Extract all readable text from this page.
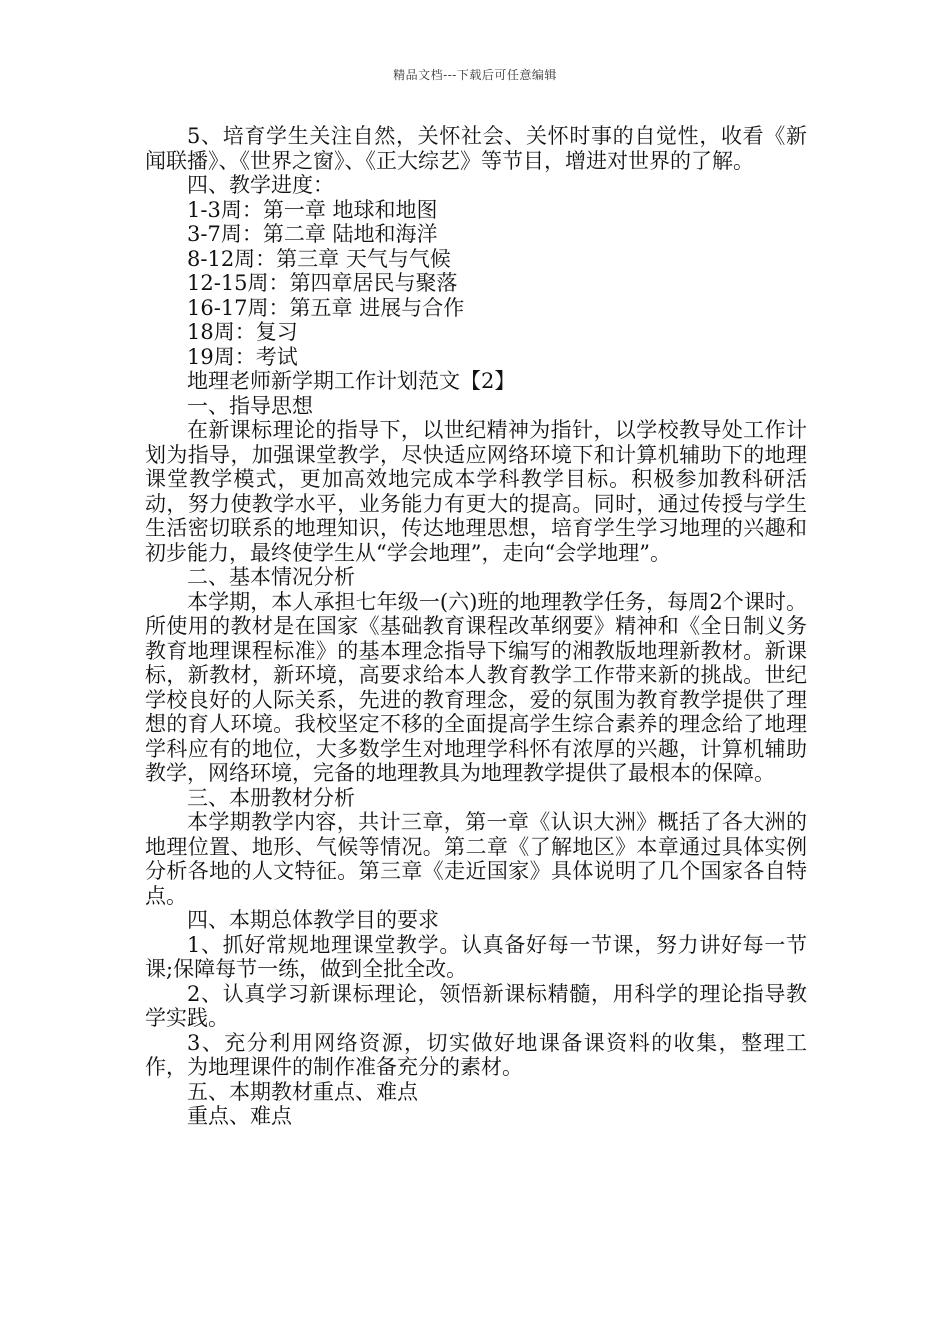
精品文档---下载后可任意编辑

5、培育学生关注自然，关怀社会、关怀时事的自觉性，收看《新闻联播》、《世界之窗》、《正大综艺》等节目，增进对世界的了解。

四、教学进度：

1-3周：第一章 地球和地图

3-7周：第二章 陆地和海洋

8-12周：第三章 天气与气候

12-15周：第四章居民与聚落

16-17周：第五章 进展与合作

18周：复习

19周：考试

地理老师新学期工作计划范文【2】

一、指导思想

在新课标理论的指导下，以世纪精神为指针，以学校教导处工作计划为指导，加强课堂教学，尽快适应网络环境下和计算机辅助下的地理课堂教学模式，更加高效地完成本学科教学目标。积极参加教科研活动，努力使教学水平，业务能力有更大的提高。同时，通过传授与学生生活密切联系的地理知识，传达地理思想，培育学生学习地理的兴趣和初步能力，最终使学生从“学会地理”，走向“会学地理”。

二、基本情况分析

本学期，本人承担七年级一(六)班的地理教学任务，每周2个课时。所使用的教材是在国家《基础教育课程改革纲要》精神和《全日制义务教育地理课程标准》的基本理念指导下编写的湘教版地理新教材。新课标，新教材，新环境，高要求给本人教育教学工作带来新的挑战。世纪学校良好的人际关系，先进的教育理念，爱的氛围为教育教学提供了理想的育人环境。我校坚定不移的全面提高学生综合素养的理念给了地理学科应有的地位，大多数学生对地理学科怀有浓厚的兴趣，计算机辅助教学，网络环境，完备的地理教具为地理教学提供了最根本的保障。

三、本册教材分析

本学期教学内容，共计三章，第一章《认识大洲》概括了各大洲的地理位置、地形、气候等情况。第二章《了解地区》本章通过具体实例分析各地的人文特征。第三章《走近国家》具体说明了几个国家各自特点。

四、本期总体教学目的要求

1、抓好常规地理课堂教学。认真备好每一节课，努力讲好每一节课;保障每节一练，做到全批全改。

2、认真学习新课标理论，领悟新课标精髓，用科学的理论指导教学实践。

3、充分利用网络资源，切实做好地课备课资料的收集，整理工作，为地理课件的制作准备充分的素材。

五、本期教材重点、难点

重点、难点
